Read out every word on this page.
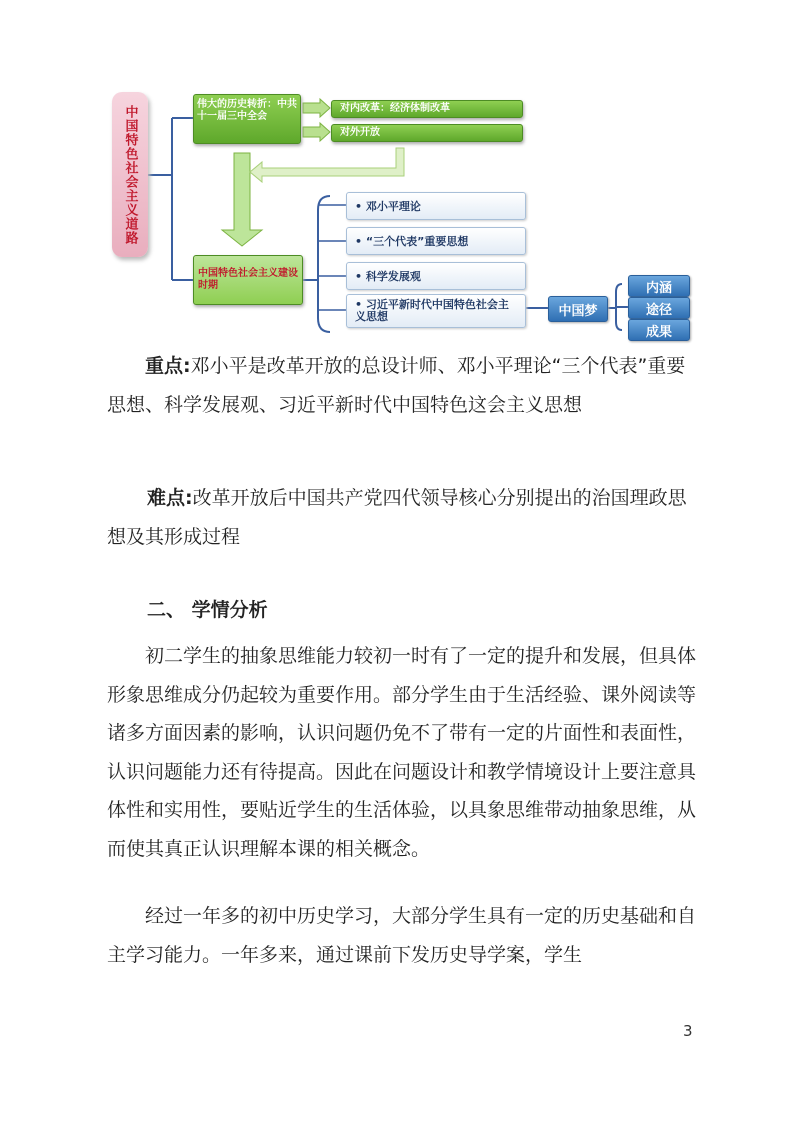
中国特色社会主义道路	伟大的历史转折：中共十一届三中全会
对内改革：经济体制改革
对外开放
中国特色社会主义建设时期
• 邓小平理论
• “三个代表”重要思想
• 科学发展观
• 习近平新时代中国特色社会主义思想	中国梦
内涵
途径
成果
重点:邓小平是改革开放的总设计师、邓小平理论“三个代表”重要思想、科学发展观、习近平新时代中国特色这会主义思想
难点:改革开放后中国共产党四代领导核心分别提出的治国理政思想及其形成过程
二、 学情分析
初二学生的抽象思维能力较初一时有了一定的提升和发展，但具体形象思维成分仍起较为重要作用。部分学生由于生活经验、课外阅读等诸多方面因素的影响，认识问题仍免不了带有一定的片面性和表面性，认识问题能力还有待提高。因此在问题设计和教学情境设计上要注意具体性和实用性，要贴近学生的生活体验，以具象思维带动抽象思维，从而使其真正认识理解本课的相关概念。
经过一年多的初中历史学习，大部分学生具有一定的历史基础和自主学习能力。一年多来，通过课前下发历史导学案，学生
3
